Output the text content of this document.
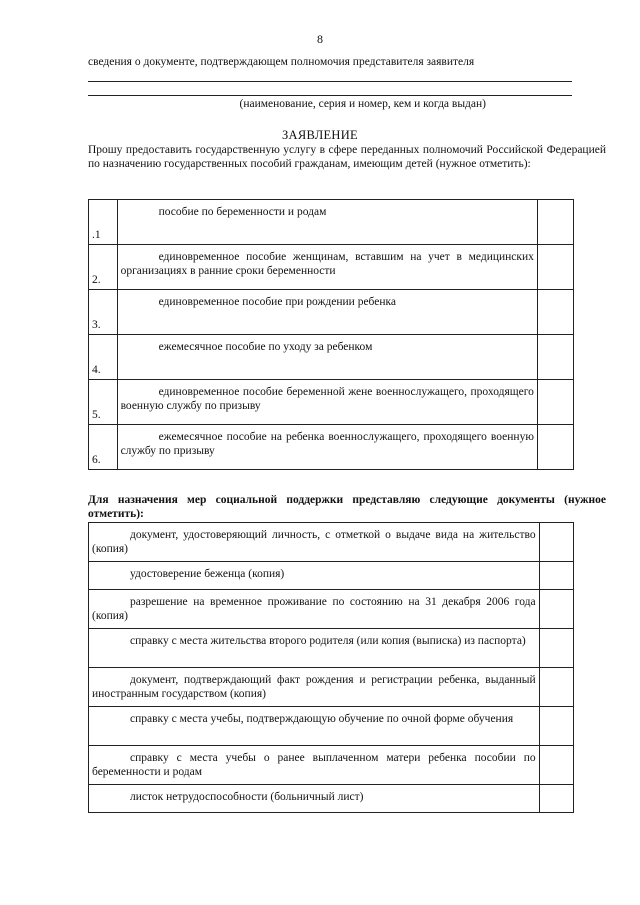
8
сведения о документе, подтверждающем полномочия представителя заявителя
(наименование, серия и номер, кем и когда выдан)
ЗАЯВЛЕНИЕ
Прошу предоставить государственную услугу в сфере переданных полномочий Российской Федерацией по назначению государственных пособий гражданам, имеющим детей (нужное отметить):
.1	пособие по беременности и родам	
2.	единовременное пособие женщинам, вставшим на учет в медицинских организациях в ранние сроки беременности	
3.	единовременное пособие при рождении ребенка	
4.	ежемесячное пособие по уходу за ребенком	
5.	единовременное пособие беременной жене военнослужащего, проходящего военную службу по призыву	
6.	ежемесячное пособие на ребенка военнослужащего, проходящего военную службу по призыву	
Для назначения мер социальной поддержки представляю следующие документы (нужное отметить):
документ, удостоверяющий личность, с отметкой о выдаче вида на жительство (копия)	
удостоверение беженца (копия)	
разрешение на временное проживание по состоянию на 31 декабря 2006 года (копия)	
справку с места жительства второго родителя (или копия (выписка) из паспорта)	
документ, подтверждающий факт рождения и регистрации ребенка, выданный иностранным государством (копия)	
справку с места учебы, подтверждающую обучение по очной форме обучения	
справку с места учебы о ранее выплаченном матери ребенка пособии по беременности и родам	
листок нетрудоспособности (больничный лист)	
